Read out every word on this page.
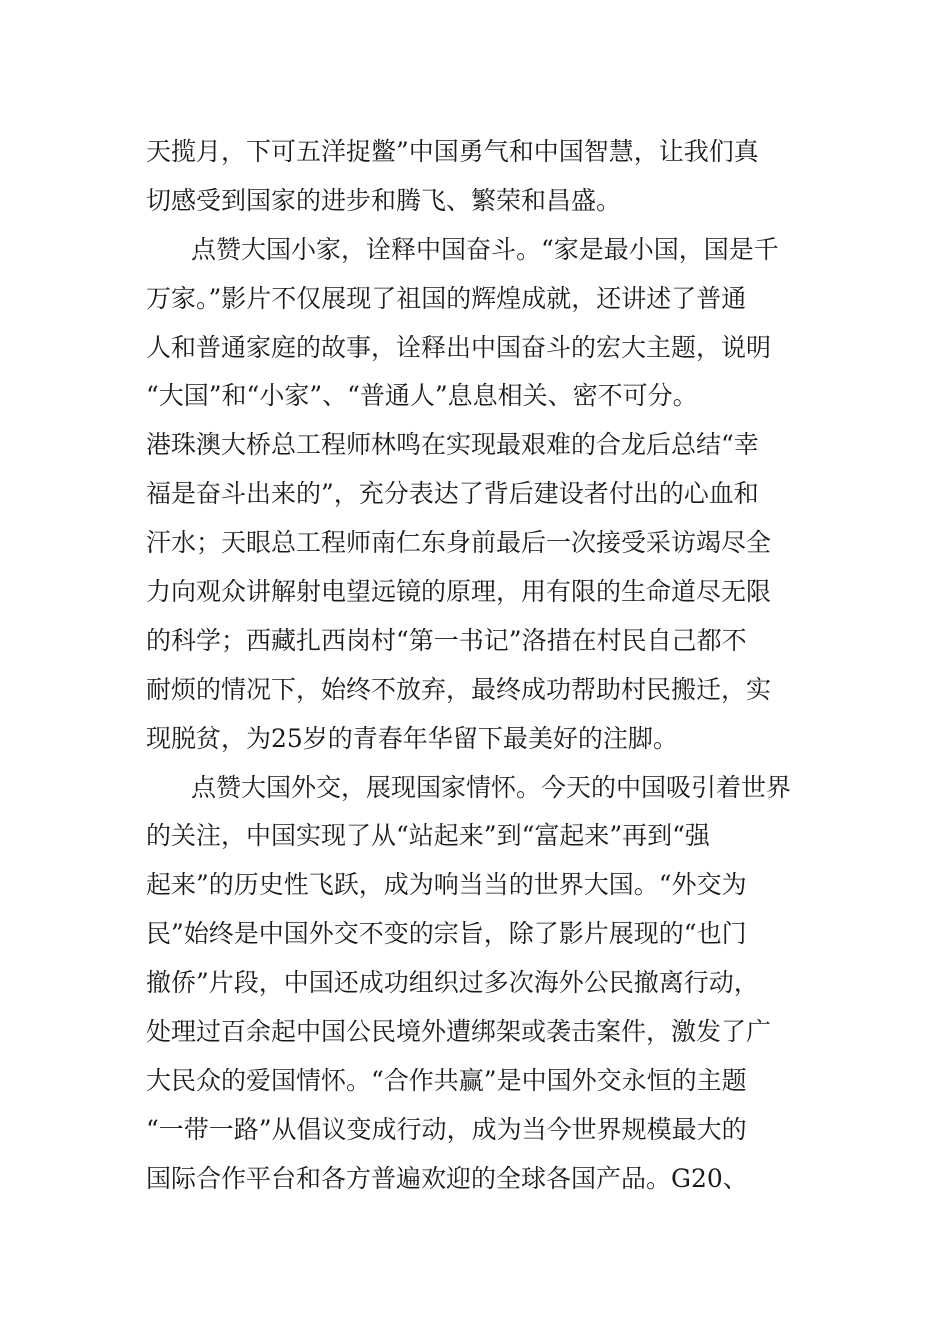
天揽月，下可五洋捉鳖”中国勇气和中国智慧，让我们真
切感受到国家的进步和腾飞、繁荣和昌盛。
点赞大国小家，诠释中国奋斗。“家是最小国，国是千
万家。”影片不仅展现了祖国的辉煌成就，还讲述了普通
人和普通家庭的故事，诠释出中国奋斗的宏大主题，说明
“大国”和“小家”、“普通人”息息相关、密不可分。
港珠澳大桥总工程师林鸣在实现最艰难的合龙后总结“幸
福是奋斗出来的”，充分表达了背后建设者付出的心血和
汗水；天眼总工程师南仁东身前最后一次接受采访竭尽全
力向观众讲解射电望远镜的原理，用有限的生命道尽无限
的科学；西藏扎西岗村“第一书记”洛措在村民自己都不
耐烦的情况下，始终不放弃，最终成功帮助村民搬迁，实
现脱贫，为25岁的青春年华留下最美好的注脚。
点赞大国外交，展现国家情怀。今天的中国吸引着世界
的关注，中国实现了从“站起来”到“富起来”再到“强
起来”的历史性飞跃，成为响当当的世界大国。“外交为
民”始终是中国外交不变的宗旨，除了影片展现的“也门
撤侨”片段，中国还成功组织过多次海外公民撤离行动，
处理过百余起中国公民境外遭绑架或袭击案件，激发了广
大民众的爱国情怀。“合作共赢”是中国外交永恒的主题
“一带一路”从倡议变成行动，成为当今世界规模最大的
国际合作平台和各方普遍欢迎的全球各国产品。G20、
